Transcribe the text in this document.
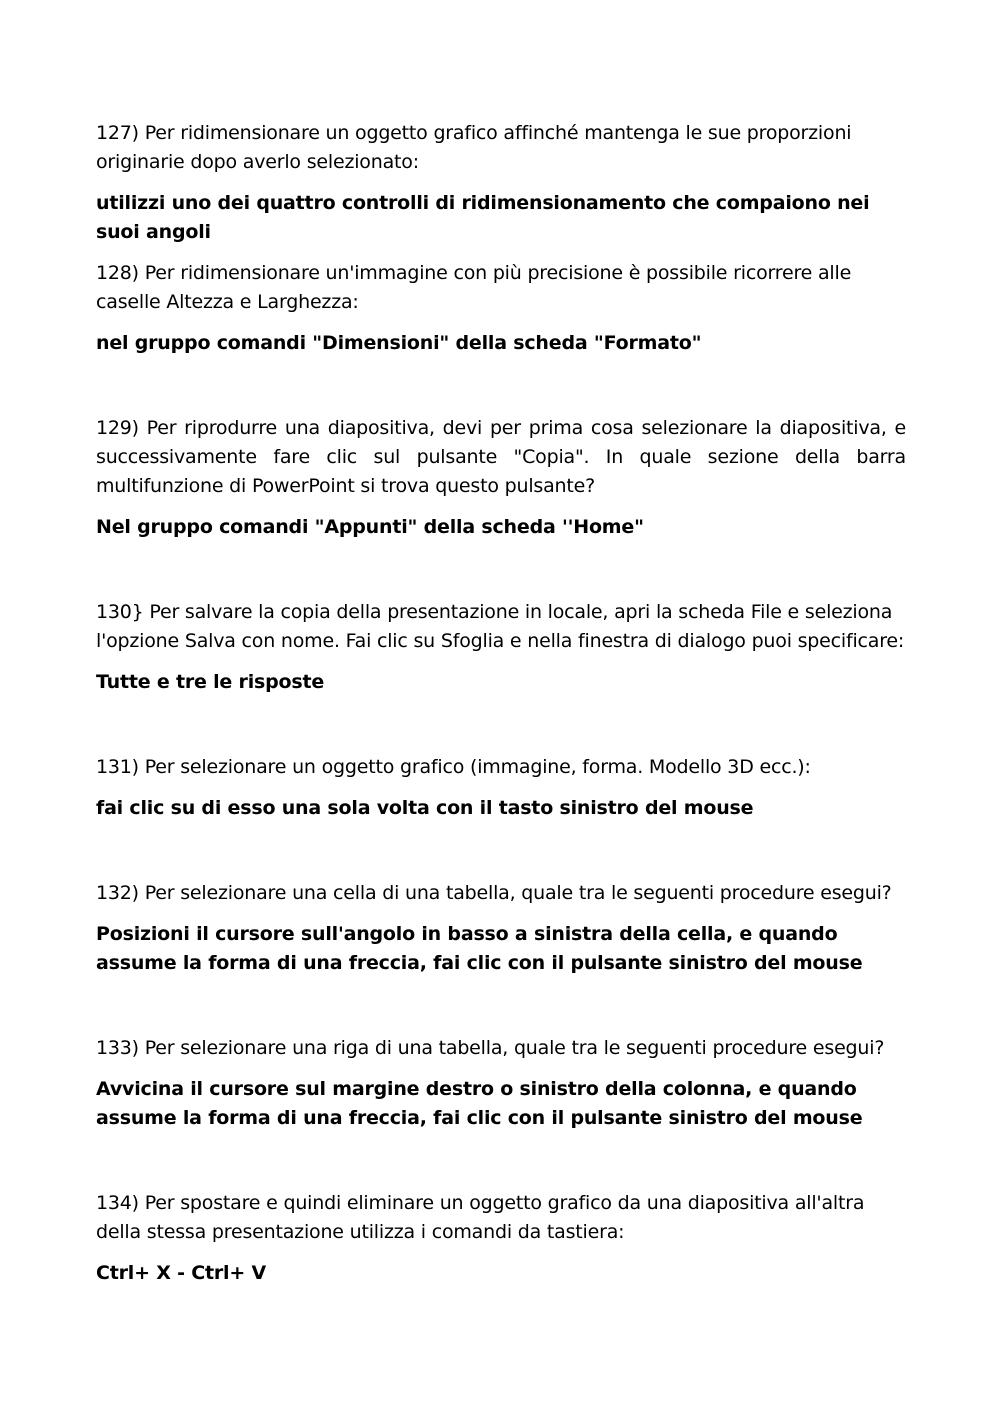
127) Per ridimensionare un oggetto grafico affinché mantenga le sue proporzioni originarie dopo averlo selezionato:

utilizzi uno dei quattro controlli di ridimensionamento che compaiono nei suoi angoli

128) Per ridimensionare un'immagine con più precisione è possibile ricorrere alle caselle Altezza e Larghezza:

nel gruppo comandi "Dimensioni" della scheda "Formato"

129) Per riprodurre una diapositiva, devi per prima cosa selezionare la diapositiva, e successivamente fare clic sul pulsante "Copia". In quale sezione della barra multifunzione di PowerPoint si trova questo pulsante?

Nel gruppo comandi "Appunti" della scheda ''Home"

130} Per salvare la copia della presentazione in locale, apri la scheda File e seleziona l'opzione Salva con nome. Fai clic su Sfoglia e nella finestra di dialogo puoi specificare:

Tutte e tre le risposte

131) Per selezionare un oggetto grafico (immagine, forma. Modello 3D ecc.):

fai clic su di esso una sola volta con il tasto sinistro del mouse

132) Per selezionare una cella di una tabella, quale tra le seguenti procedure esegui?

Posizioni il cursore sull'angolo in basso a sinistra della cella, e quando assume la forma di una freccia, fai clic con il pulsante sinistro del mouse

133) Per selezionare una riga di una tabella, quale tra le seguenti procedure esegui?

Avvicina il cursore sul margine destro o sinistro della colonna, e quando assume la forma di una freccia, fai clic con il pulsante sinistro del mouse

134) Per spostare e quindi eliminare un oggetto grafico da una diapositiva all'altra della stessa presentazione utilizza i comandi da tastiera:

Ctrl+ X - Ctrl+ V
